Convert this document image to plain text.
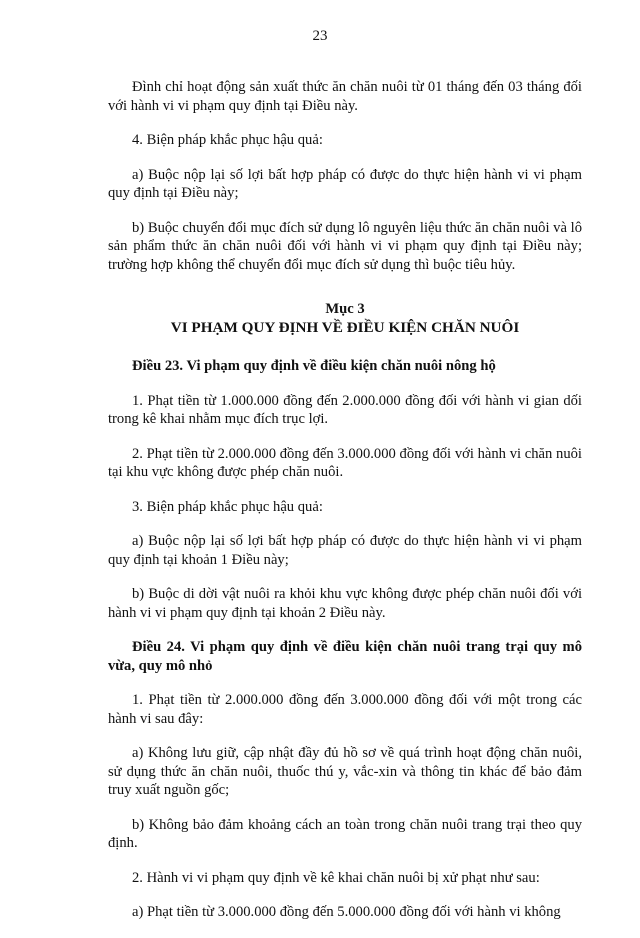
23

Đình chỉ hoạt động sản xuất thức ăn chăn nuôi từ 01 tháng đến 03 tháng đối với hành vi vi phạm quy định tại Điều này.

4. Biện pháp khắc phục hậu quả:

a) Buộc nộp lại số lợi bất hợp pháp có được do thực hiện hành vi vi phạm quy định tại Điều này;

b) Buộc chuyển đổi mục đích sử dụng lô nguyên liệu thức ăn chăn nuôi và lô sản phẩm thức ăn chăn nuôi đối với hành vi vi phạm quy định tại Điều này; trường hợp không thể chuyển đổi mục đích sử dụng thì buộc tiêu hủy.

Mục 3

VI PHẠM QUY ĐỊNH VỀ ĐIỀU KIỆN CHĂN NUÔI

Điều 23. Vi phạm quy định về điều kiện chăn nuôi nông hộ

1. Phạt tiền từ 1.000.000 đồng đến 2.000.000 đồng đối với hành vi gian dối trong kê khai nhằm mục đích trục lợi.

2. Phạt tiền từ 2.000.000 đồng đến 3.000.000 đồng đối với hành vi chăn nuôi tại khu vực không được phép chăn nuôi.

3. Biện pháp khắc phục hậu quả:

a) Buộc nộp lại số lợi bất hợp pháp có được do thực hiện hành vi vi phạm quy định tại khoản 1 Điều này;

b) Buộc di dời vật nuôi ra khỏi khu vực không được phép chăn nuôi đối với hành vi vi phạm quy định tại khoản 2 Điều này.

Điều 24. Vi phạm quy định về điều kiện chăn nuôi trang trại quy mô vừa, quy mô nhỏ

1. Phạt tiền từ 2.000.000 đồng đến 3.000.000 đồng đối với một trong các hành vi sau đây:

a) Không lưu giữ, cập nhật đầy đủ hồ sơ về quá trình hoạt động chăn nuôi, sử dụng thức ăn chăn nuôi, thuốc thú y, vắc-xin và thông tin khác để bảo đảm truy xuất nguồn gốc;

b) Không bảo đảm khoảng cách an toàn trong chăn nuôi trang trại theo quy định.

2. Hành vi vi phạm quy định về kê khai chăn nuôi bị xử phạt như sau:

a) Phạt tiền từ 3.000.000 đồng đến 5.000.000 đồng đối với hành vi không
